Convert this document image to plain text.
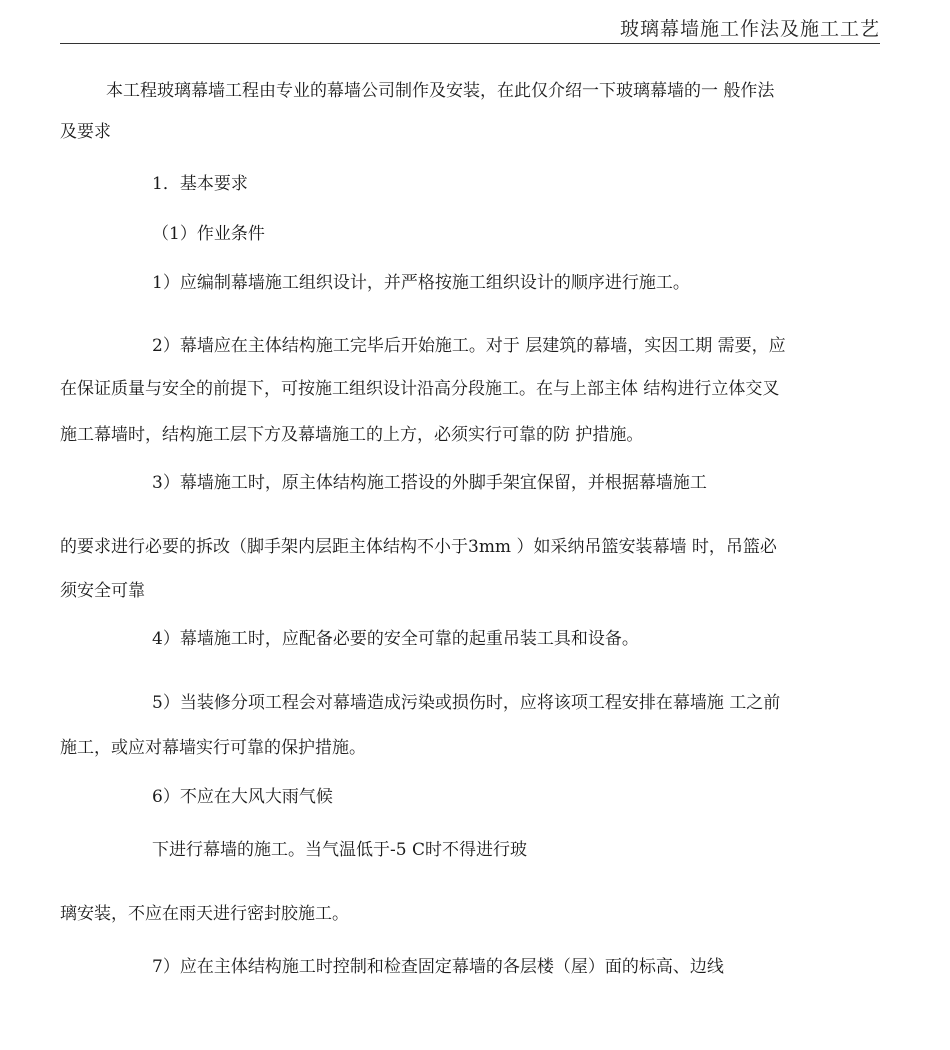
玻璃幕墙施工作法及施工工艺
本工程玻璃幕墙工程由专业的幕墙公司制作及安装，在此仅介绍一下玻璃幕墙的一 般作法
及要求
1．基本要求
（1）作业条件
1）应编制幕墙施工组织设计，并严格按施工组织设计的顺序进行施工。
2）幕墙应在主体结构施工完毕后开始施工。对于 层建筑的幕墙，实因工期 需要，应
在保证质量与安全的前提下，可按施工组织设计沿高分段施工。在与上部主体 结构进行立体交叉
施工幕墙时，结构施工层下方及幕墙施工的上方，必须实行可靠的防 护措施。
3）幕墙施工时，原主体结构施工搭设的外脚手架宜保留，并根据幕墙施工
的要求进行必要的拆改（脚手架内层距主体结构不小于3mm ）如采纳吊篮安装幕墙 时，吊篮必
须安全可靠
4）幕墙施工时，应配备必要的安全可靠的起重吊装工具和设备。
5）当装修分项工程会对幕墙造成污染或损伤时，应将该项工程安排在幕墙施 工之前
施工，或应对幕墙实行可靠的保护措施。
6）不应在大风大雨气候
下进行幕墙的施工。当气温低于-5 C时不得进行玻
璃安装，不应在雨天进行密封胶施工。
7）应在主体结构施工时控制和检查固定幕墙的各层楼（屋）面的标高、边线
